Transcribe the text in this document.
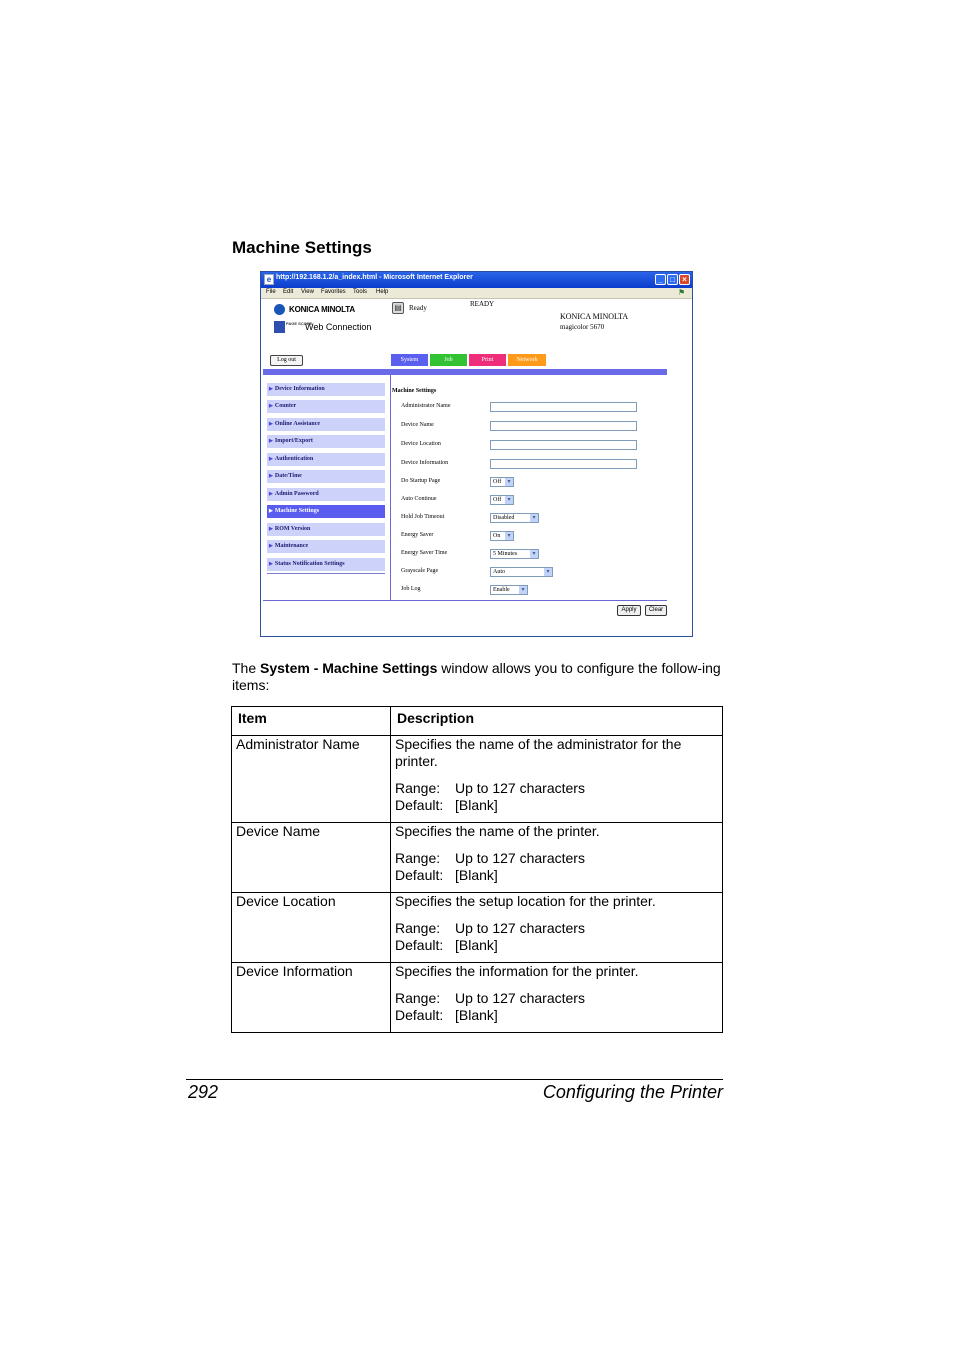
Machine Settings
e http://192.168.1.2/a_index.html - Microsoft Internet Explorer	_ □ ×
File Edit View Favorites Tools Help	⚑
KONICA MINOLTA
PAGE SCOPE
Web Connection
▤	Ready	READY
KONICA MINOLTA
magicolor 5670
Log out	System	Job	Print	Network
▶ Device Information
▶ Counter
▶ Online Assistance
▶ Import/Export
▶ Authentication
▶ Date/Time
▶ Admin Password
▶ Machine Settings
▶ ROM Version
▶ Maintenance
▶ Status Notification Settings
Machine Settings
Administrator Name
Device Name
Device Location
Device Information
Do Startup Page	Off	▾
Auto Continue	Off	▾
Hold Job Timeout	Disabled	▾
Energy Saver	On	▾
Energy Saver Time	5 Minutes	▾
Grayscale Page	Auto	▾
Job Log	Enable	▾
Apply	Clear
The System - Machine Settings window allows you to configure the follow-ing items:
Item	Description
Administrator Name	Specifies the name of the administrator for the printer.
Range: Up to 127 characters
Default: [Blank]

Device Name	Specifies the name of the printer.
Range: Up to 127 characters
Default: [Blank]

Device Location	Specifies the setup location for the printer.
Range: Up to 127 characters
Default: [Blank]

Device Information	Specifies the information for the printer.
Range: Up to 127 characters
Default: [Blank]
292	Configuring the Printer
